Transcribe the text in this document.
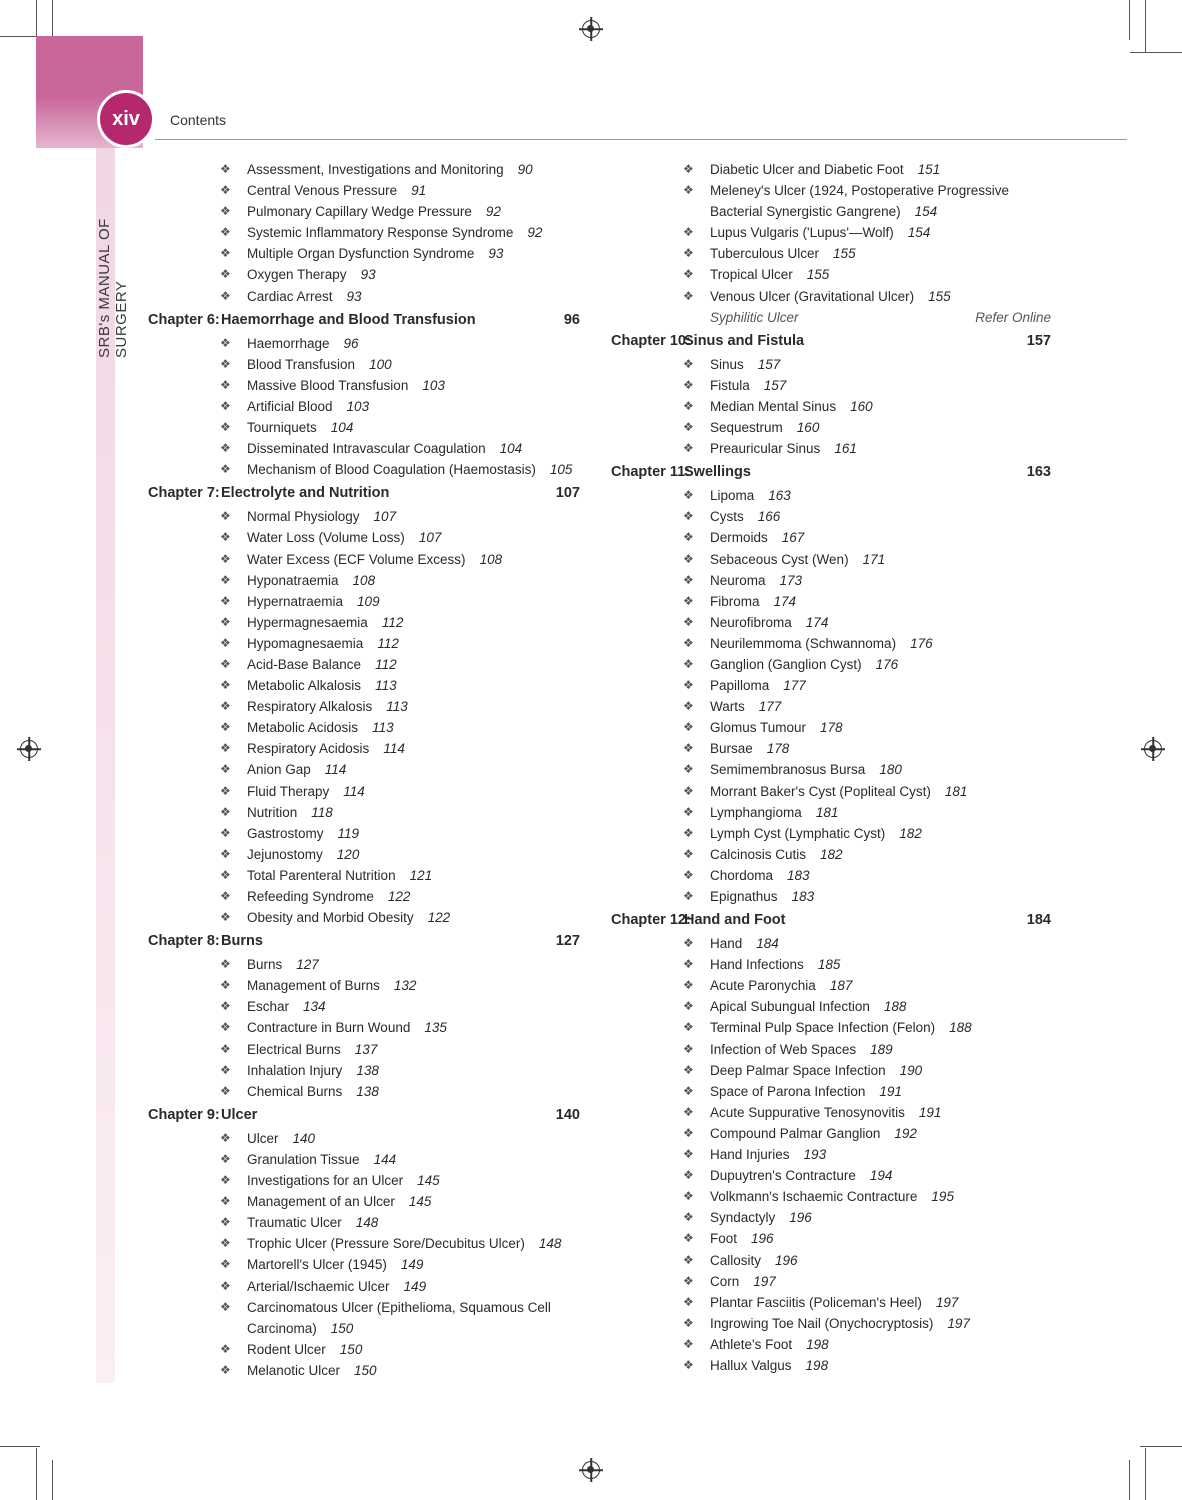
xiv	Contents
SRB's MANUAL OF SURGERY
❖ Assessment, Investigations and Monitoring 90
❖ Central Venous Pressure 91
❖ Pulmonary Capillary Wedge Pressure 92
❖ Systemic Inflammatory Response Syndrome 92
❖ Multiple Organ Dysfunction Syndrome 93
❖ Oxygen Therapy 93
❖ Cardiac Arrest 93
Chapter 6:Haemorrhage and Blood Transfusion	96
❖ Haemorrhage 96
❖ Blood Transfusion 100
❖ Massive Blood Transfusion 103
❖ Artificial Blood 103
❖ Tourniquets 104
❖ Disseminated Intravascular Coagulation 104
❖ Mechanism of Blood Coagulation (Haemostasis) 105
Chapter 7:Electrolyte and Nutrition	107
❖ Normal Physiology 107
❖ Water Loss (Volume Loss) 107
❖ Water Excess (ECF Volume Excess) 108
❖ Hyponatraemia 108
❖ Hypernatraemia 109
❖ Hypermagnesaemia 112
❖ Hypomagnesaemia 112
❖ Acid-Base Balance 112
❖ Metabolic Alkalosis 113
❖ Respiratory Alkalosis 113
❖ Metabolic Acidosis 113
❖ Respiratory Acidosis 114
❖ Anion Gap 114
❖ Fluid Therapy 114
❖ Nutrition 118
❖ Gastrostomy 119
❖ Jejunostomy 120
❖ Total Parenteral Nutrition 121
❖ Refeeding Syndrome 122
❖ Obesity and Morbid Obesity 122
Chapter 8:Burns	127
❖ Burns 127
❖ Management of Burns 132
❖ Eschar 134
❖ Contracture in Burn Wound 135
❖ Electrical Burns 137
❖ Inhalation Injury 138
❖ Chemical Burns 138
Chapter 9:Ulcer	140
❖ Ulcer 140
❖ Granulation Tissue 144
❖ Investigations for an Ulcer 145
❖ Management of an Ulcer 145
❖ Traumatic Ulcer 148
❖ Trophic Ulcer (Pressure Sore/Decubitus Ulcer) 148
❖ Martorell's Ulcer (1945) 149
❖ Arterial/Ischaemic Ulcer 149
❖ Carcinomatous Ulcer (Epithelioma, Squamous Cell
Carcinoma) 150
❖ Rodent Ulcer 150
❖ Melanotic Ulcer 150
❖ Diabetic Ulcer and Diabetic Foot 151
❖ Meleney's Ulcer (1924, Postoperative Progressive
Bacterial Synergistic Gangrene) 154
❖ Lupus Vulgaris ('Lupus'—Wolf) 154
❖ Tuberculous Ulcer 155
❖ Tropical Ulcer 155
❖ Venous Ulcer (Gravitational Ulcer) 155
Syphilitic Ulcer	Refer Online
Chapter 10:Sinus and Fistula	157
❖ Sinus 157
❖ Fistula 157
❖ Median Mental Sinus 160
❖ Sequestrum 160
❖ Preauricular Sinus 161
Chapter 11:Swellings	163
❖ Lipoma 163
❖ Cysts 166
❖ Dermoids 167
❖ Sebaceous Cyst (Wen) 171
❖ Neuroma 173
❖ Fibroma 174
❖ Neurofibroma 174
❖ Neurilemmoma (Schwannoma) 176
❖ Ganglion (Ganglion Cyst) 176
❖ Papilloma 177
❖ Warts 177
❖ Glomus Tumour 178
❖ Bursae 178
❖ Semimembranosus Bursa 180
❖ Morrant Baker's Cyst (Popliteal Cyst) 181
❖ Lymphangioma 181
❖ Lymph Cyst (Lymphatic Cyst) 182
❖ Calcinosis Cutis 182
❖ Chordoma 183
❖ Epignathus 183
Chapter 12:Hand and Foot	184
❖ Hand 184
❖ Hand Infections 185
❖ Acute Paronychia 187
❖ Apical Subungual Infection 188
❖ Terminal Pulp Space Infection (Felon) 188
❖ Infection of Web Spaces 189
❖ Deep Palmar Space Infection 190
❖ Space of Parona Infection 191
❖ Acute Suppurative Tenosynovitis 191
❖ Compound Palmar Ganglion 192
❖ Hand Injuries 193
❖ Dupuytren's Contracture 194
❖ Volkmann's Ischaemic Contracture 195
❖ Syndactyly 196
❖ Foot 196
❖ Callosity 196
❖ Corn 197
❖ Plantar Fasciitis (Policeman's Heel) 197
❖ Ingrowing Toe Nail (Onychocryptosis) 197
❖ Athlete's Foot 198
❖ Hallux Valgus 198
